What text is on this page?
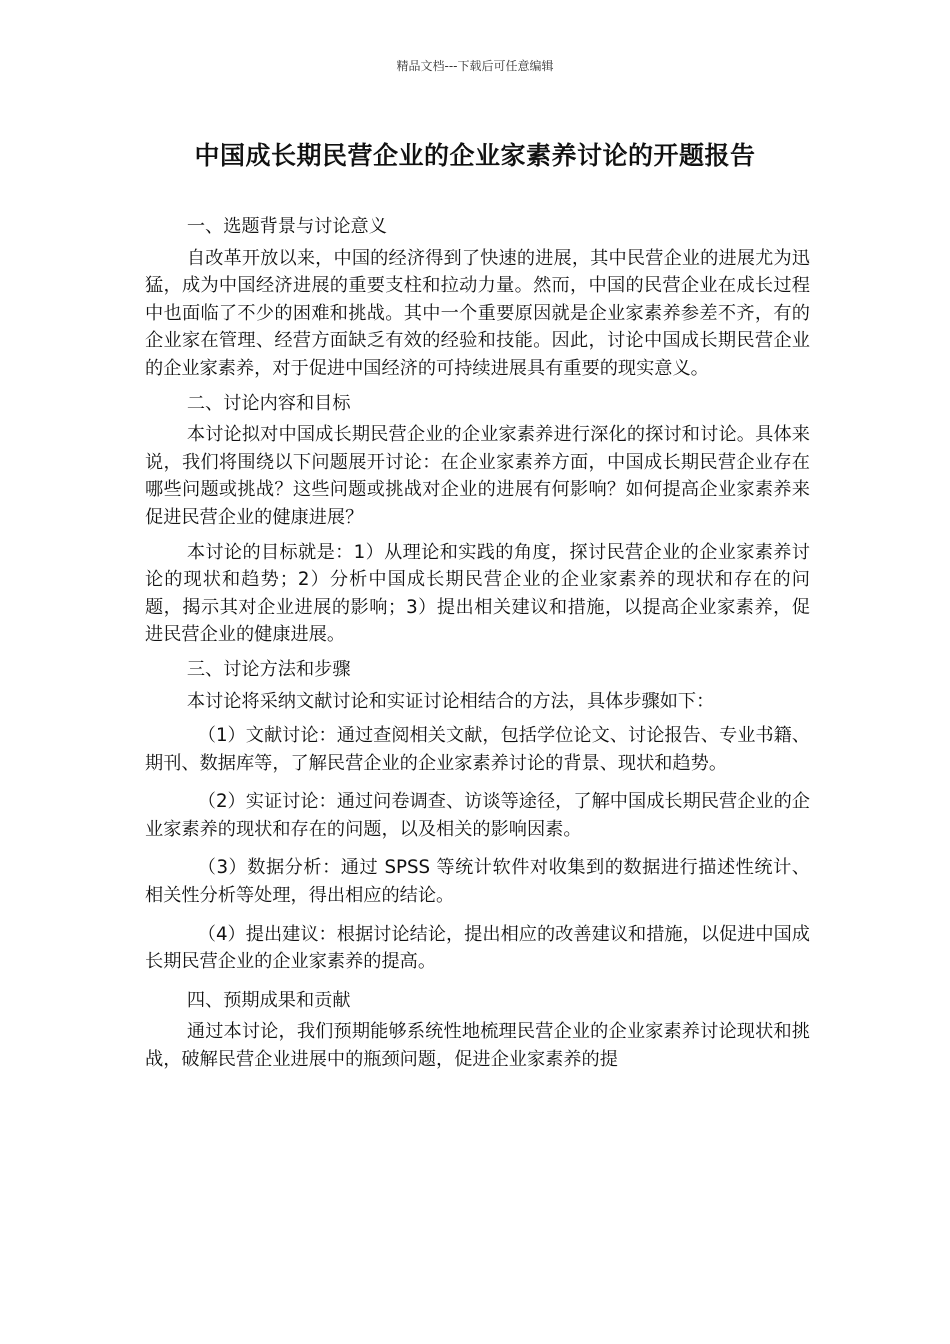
精品文档---下载后可任意编辑
中国成长期民营企业的企业家素养讨论的开题报告

一、选题背景与讨论意义

自改革开放以来，中国的经济得到了快速的进展，其中民营企业的进展尤为迅猛，成为中国经济进展的重要支柱和拉动力量。然而，中国的民营企业在成长过程中也面临了不少的困难和挑战。其中一个重要原因就是企业家素养参差不齐，有的企业家在管理、经营方面缺乏有效的经验和技能。因此，讨论中国成长期民营企业的企业家素养，对于促进中国经济的可持续进展具有重要的现实意义。

二、讨论内容和目标

本讨论拟对中国成长期民营企业的企业家素养进行深化的探讨和讨论。具体来说，我们将围绕以下问题展开讨论：在企业家素养方面，中国成长期民营企业存在哪些问题或挑战？这些问题或挑战对企业的进展有何影响？如何提高企业家素养来促进民营企业的健康进展？

本讨论的目标就是：1）从理论和实践的角度，探讨民营企业的企业家素养讨论的现状和趋势；2）分析中国成长期民营企业的企业家素养的现状和存在的问题，揭示其对企业进展的影响；3）提出相关建议和措施，以提高企业家素养，促进民营企业的健康进展。

三、讨论方法和步骤

本讨论将采纳文献讨论和实证讨论相结合的方法，具体步骤如下：

（1）文献讨论：通过查阅相关文献，包括学位论文、讨论报告、专业书籍、期刊、数据库等，了解民营企业的企业家素养讨论的背景、现状和趋势。

（2）实证讨论：通过问卷调查、访谈等途径，了解中国成长期民营企业的企业家素养的现状和存在的问题，以及相关的影响因素。

（3）数据分析：通过 SPSS 等统计软件对收集到的数据进行描述性统计、相关性分析等处理，得出相应的结论。

（4）提出建议：根据讨论结论，提出相应的改善建议和措施，以促进中国成长期民营企业的企业家素养的提高。

四、预期成果和贡献

通过本讨论，我们预期能够系统性地梳理民营企业的企业家素养讨论现状和挑战，破解民营企业进展中的瓶颈问题，促进企业家素养的提
